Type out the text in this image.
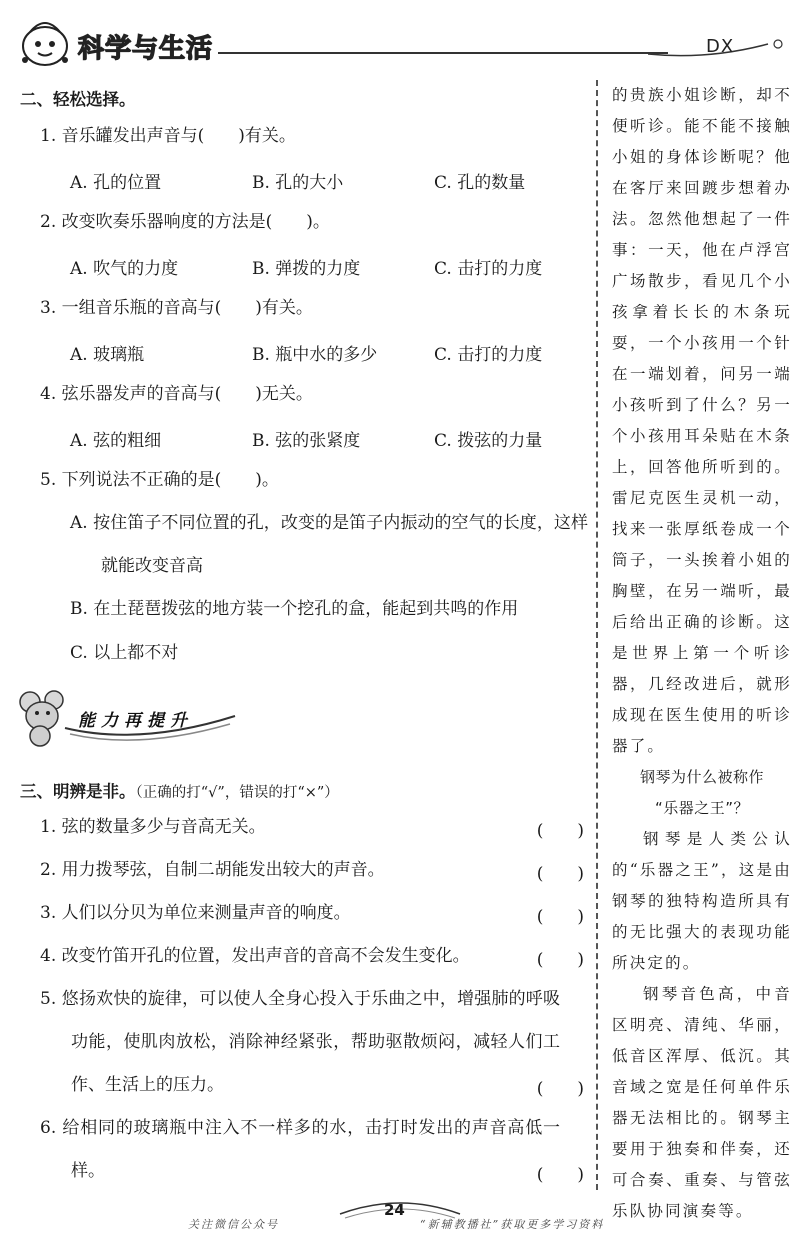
科学与生活	DX
二、轻松选择。
1. 音乐罐发出声音与(　　)有关。
A. 孔的位置	B. 孔的大小	C. 孔的数量
2. 改变吹奏乐器响度的方法是(　　)。
A. 吹气的力度	B. 弹拨的力度	C. 击打的力度
3. 一组音乐瓶的音高与(　　)有关。
A. 玻璃瓶	B. 瓶中水的多少	C. 击打的力度
4. 弦乐器发声的音高与(　　)无关。
A. 弦的粗细	B. 弦的张紧度	C. 拨弦的力量
5. 下列说法不正确的是(　　)。
A. 按住笛子不同位置的孔，改变的是笛子内振动的空气的长度，这样就能改变音高
B. 在土琵琶拨弦的地方装一个挖孔的盒，能起到共鸣的作用
C. 以上都不对
能力再提升
三、明辨是非。（正确的打“√”，错误的打“×”）
1. 弦的数量多少与音高无关。	(　　)
2. 用力拨琴弦，自制二胡能发出较大的声音。	(　　)
3. 人们以分贝为单位来测量声音的响度。	(　　)
4. 改变竹笛开孔的位置，发出声音的音高不会发生变化。	(　　)
5. 悠扬欢快的旋律，可以使人全身心投入于乐曲之中，增强肺的呼吸功能，使肌肉放松，消除神经紧张，帮助驱散烦闷，减轻人们工作、生活上的压力。	(　　)
6. 给相同的玻璃瓶中注入不一样多的水，击打时发出的声音高低一样。	(　　)

的贵族小姐诊断，却不便听诊。能不能不接触小姐的身体诊断呢？他在客厅来回踱步想着办法。忽然他想起了一件事：一天，他在卢浮宫广场散步，看见几个小孩拿着长长的木条玩耍，一个小孩用一个针在一端划着，问另一端小孩听到了什么？另一个小孩用耳朵贴在木条上，回答他所听到的。雷尼克医生灵机一动，找来一张厚纸卷成一个筒子，一头挨着小姐的胸壁，在另一端听，最后给出正确的诊断。这是世界上第一个听诊器，几经改进后，就形成现在医生使用的听诊器了。

钢琴为什么被称作
“乐器之王”？

钢琴是人类公认的“乐器之王”，这是由钢琴的独特构造所具有的无比强大的表现功能所决定的。

钢琴音色高，中音区明亮、清纯、华丽，低音区浑厚、低沉。其音域之宽是任何单件乐器无法相比的。钢琴主要用于独奏和伴奏，还可合奏、重奏、与管弦乐队协同演奏等。

24
关注微信公众号	“新辅教播社”获取更多学习资料
